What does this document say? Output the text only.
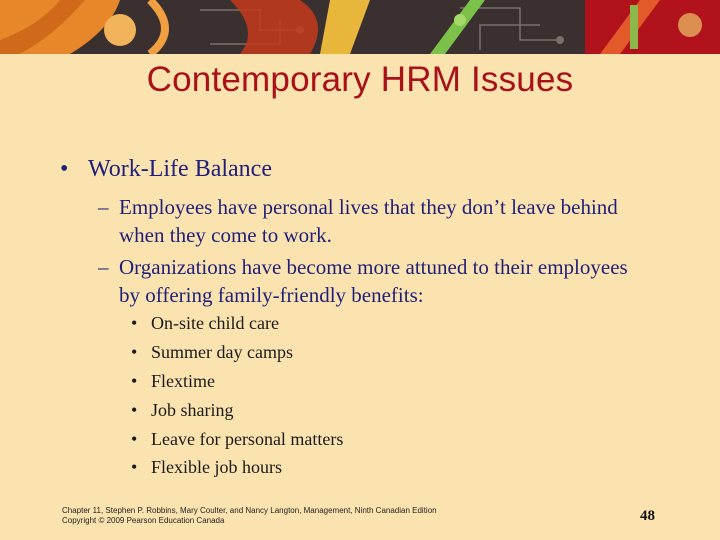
Contemporary HRM Issues
• Work-Life Balance
– Employees have personal lives that they don’t leave behind when they come to work.
– Organizations have become more attuned to their employees by offering family-friendly benefits:
• On-site child care
• Summer day camps
• Flextime
• Job sharing
• Leave for personal matters
• Flexible job hours
Chapter 11, Stephen P. Robbins, Mary Coulter, and Nancy Langton, Management, Ninth Canadian Edition
Copyright © 2009 Pearson Education Canada	48
